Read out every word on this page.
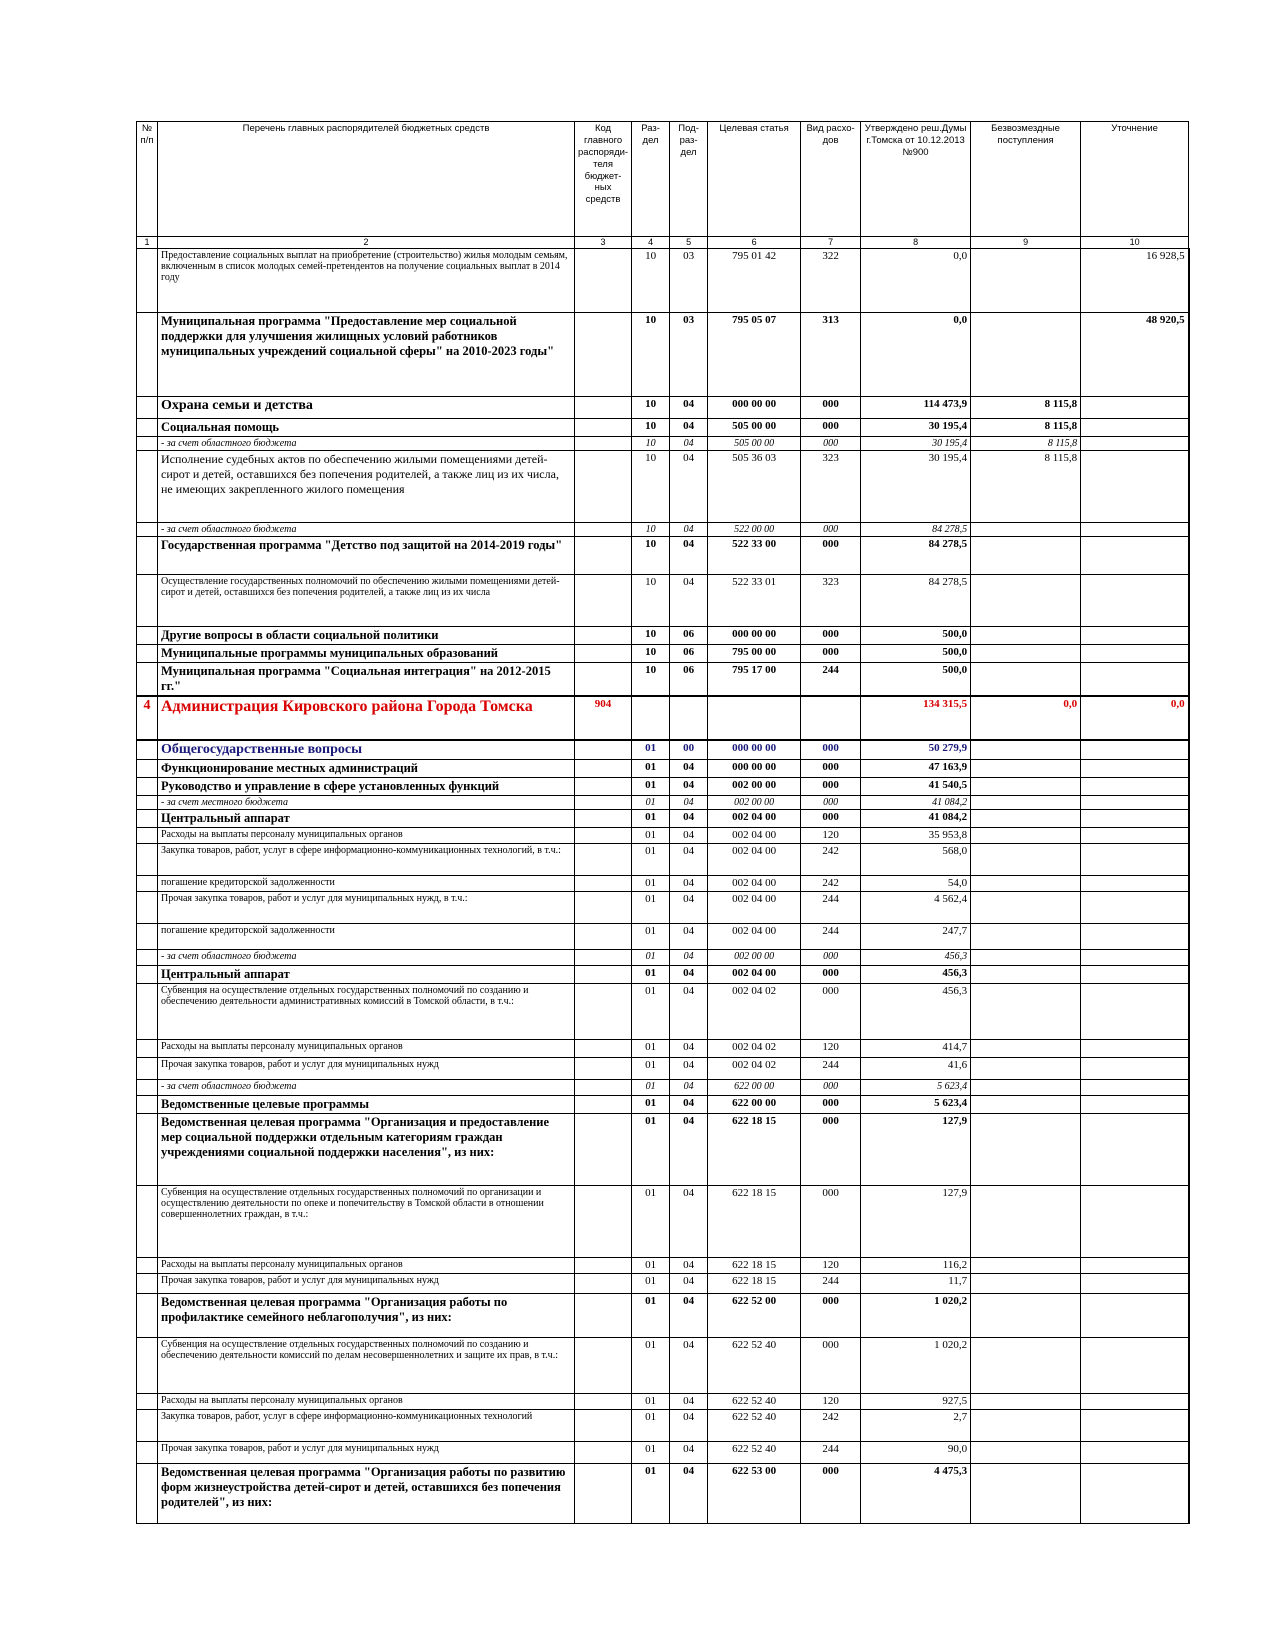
№ п/п	Перечень главных распорядителей бюджетных средств	Код главного распоряди-теля бюджет-ных средств	Раз-дел	Под-раз-дел	Целевая статья	Вид расхо-дов	Утверждено реш.Думы г.Томска от 10.12.2013 №900	Безвозмездные поступления	Уточнение
1	2	3	4	5	6	7	8	9	10
	Предоставление социальных выплат на приобретение (строительство) жилья молодым семьям, включенным в список молодых семей-претендентов на получение социальных выплат в 2014 году		10	03	795 01 42	322	0,0		16 928,5
	Муниципальная программа "Предоставление мер социальной поддержки для улучшения жилищных условий работников муниципальных учреждений социальной сферы" на 2010-2023 годы"		10	03	795 05 07	313	0,0		48 920,5
	Охрана семьи и детства		10	04	000 00 00	000	114 473,9	8 115,8	
	Социальная помощь		10	04	505 00 00	000	30 195,4	8 115,8	
	- за счет областного бюджета		10	04	505 00 00	000	30 195,4	8 115,8	
	Исполнение судебных актов по обеспечению жилыми помещениями детей-сирот и детей, оставшихся без попечения родителей, а также лиц из их числа, не имеющих закрепленного жилого помещения		10	04	505 36 03	323	30 195,4	8 115,8	
	- за счет областного бюджета		10	04	522 00 00	000	84 278,5		
	Государственная программа "Детство под защитой на 2014-2019 годы"		10	04	522 33 00	000	84 278,5		
	Осуществление государственных полномочий по обеспечению жилыми помещениями детей-сирот и детей, оставшихся без попечения родителей, а также лиц из их числа		10	04	522 33 01	323	84 278,5		
	Другие вопросы в области социальной политики		10	06	000 00 00	000	500,0		
	Муниципальные программы муниципальных образований		10	06	795 00 00	000	500,0		
	Муниципальная программа "Социальная интеграция" на 2012-2015 гг."		10	06	795 17 00	244	500,0		
4	Администрация Кировского района Города Томска	904					134 315,5	0,0	0,0
	Общегосударственные вопросы		01	00	000 00 00	000	50 279,9		
	Функционирование местных администраций		01	04	000 00 00	000	47 163,9		
	Руководство и управление в сфере установленных функций		01	04	002 00 00	000	41 540,5		
	- за счет местного бюджета		01	04	002 00 00	000	41 084,2		
	Центральный аппарат		01	04	002 04 00	000	41 084,2		
	Расходы на выплаты персоналу муниципальных органов		01	04	002 04 00	120	35 953,8		
	Закупка товаров, работ, услуг в сфере информационно-коммуникационных технологий, в т.ч.:		01	04	002 04 00	242	568,0		
	погашение кредиторской задолженности		01	04	002 04 00	242	54,0		
	Прочая закупка товаров, работ и услуг для муниципальных нужд, в т.ч.:		01	04	002 04 00	244	4 562,4		
	погашение кредиторской задолженности		01	04	002 04 00	244	247,7		
	- за счет областного бюджета		01	04	002 00 00	000	456,3		
	Центральный аппарат		01	04	002 04 00	000	456,3		
	Субвенция на осуществление отдельных государственных полномочий по созданию и обеспечению деятельности административных комиссий в Томской области, в т.ч.:		01	04	002 04 02	000	456,3		
	Расходы на выплаты персоналу муниципальных органов		01	04	002 04 02	120	414,7		
	Прочая закупка товаров, работ и услуг для муниципальных нужд		01	04	002 04 02	244	41,6		
	- за счет областного бюджета		01	04	622 00 00	000	5 623,4		
	Ведомственные целевые программы		01	04	622 00 00	000	5 623,4		
	Ведомственная целевая программа "Организация и предоставление мер социальной поддержки отдельным категориям граждан учреждениями социальной поддержки населения", из них:		01	04	622 18 15	000	127,9		
	Субвенция на осуществление отдельных государственных полномочий по организации и осуществлению деятельности по опеке и попечительству в Томской области в отношении совершеннолетних граждан, в т.ч.:		01	04	622 18 15	000	127,9		
	Расходы на выплаты персоналу муниципальных органов		01	04	622 18 15	120	116,2		
	Прочая закупка товаров, работ и услуг для муниципальных нужд		01	04	622 18 15	244	11,7		
	Ведомственная целевая программа "Организация работы по профилактике семейного неблагополучия", из них:		01	04	622 52 00	000	1 020,2		
	Субвенция на осуществление отдельных государственных полномочий по созданию и обеспечению деятельности комиссий по делам несовершеннолетних и защите их прав, в т.ч.:		01	04	622 52 40	000	1 020,2		
	Расходы на выплаты персоналу муниципальных органов		01	04	622 52 40	120	927,5		
	Закупка товаров, работ, услуг в сфере информационно-коммуникационных технологий		01	04	622 52 40	242	2,7		
	Прочая закупка товаров, работ и услуг для муниципальных нужд		01	04	622 52 40	244	90,0		
	Ведомственная целевая программа "Организация работы по развитию форм жизнеустройства детей-сирот и детей, оставшихся без попечения родителей", из них:		01	04	622 53 00	000	4 475,3		
